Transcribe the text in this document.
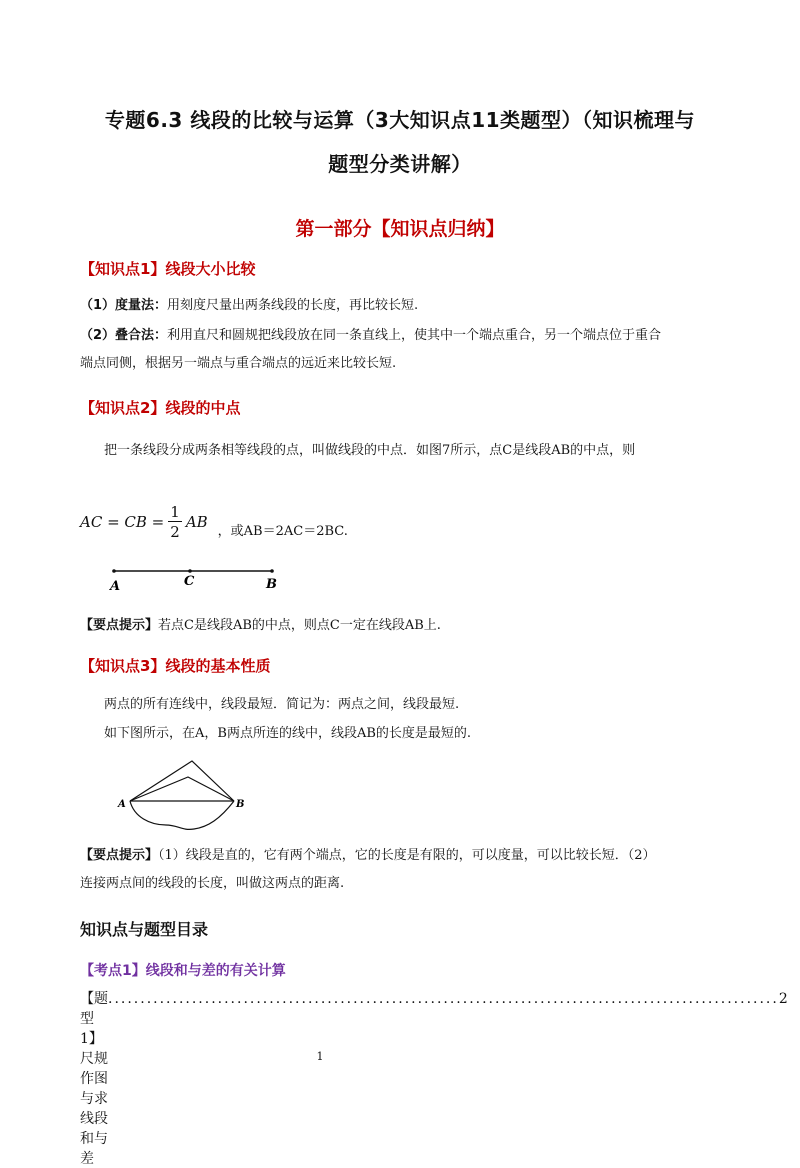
专题6.3 线段的比较与运算（3大知识点11类题型）（知识梳理与
题型分类讲解）
第一部分【知识点归纳】
【知识点1】线段大小比较
（1）度量法：用刻度尺量出两条线段的长度，再比较长短.
（2）叠合法：利用直尺和圆规把线段放在同一条直线上，使其中一个端点重合，另一个端点位于重合
端点同侧，根据另一端点与重合端点的远近来比较长短.
【知识点2】线段的中点
把一条线段分成两条相等线段的点，叫做线段的中点．如图7所示，点C是线段AB的中点，则
AC = CB = $\frac{1}{2}$ AB ，或AB＝2AC＝2BC.
A	C	B
【要点提示】若点C是线段AB的中点，则点C一定在线段AB上.
【知识点3】线段的基本性质
两点的所有连线中，线段最短．简记为：两点之间，线段最短.
如下图所示，在A，B两点所连的线中，线段AB的长度是最短的.
A	B
【要点提示】（1）线段是直的，它有两个端点，它的长度是有限的，可以度量，可以比较长短．（2）
连接两点间的线段的长度，叫做这两点的距离.
知识点与题型目录
【考点1】线段和与差的有关计算
【题型1】尺规作图与求线段和与差
........................................................................................................ 2
1
